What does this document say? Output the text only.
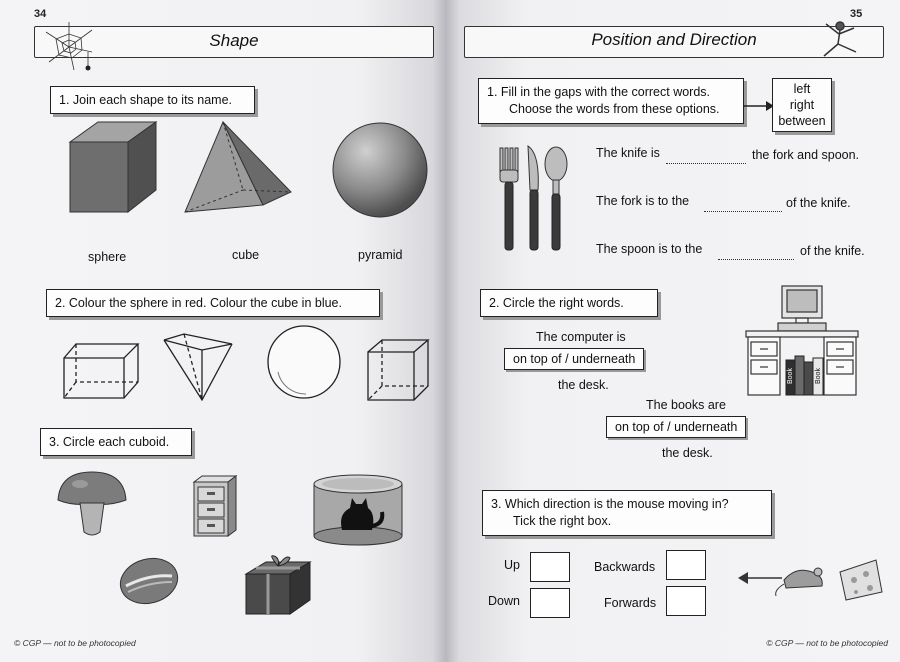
34
Shape
1. Join each shape to its name.
sphere	cube	pyramid
2. Colour the sphere in red. Colour the cube in blue.
3. Circle each cuboid.
© CGP — not to be photocopied
35
Position and Direction
1. Fill in the gaps with the correct words.
Choose the words from these options.
left
right
between
The knife is	the fork and spoon.
The fork is to the	of the knife.
The spoon is to the	of the knife.
2. Circle the right words.
The computer is
on top of / underneath
the desk.
The books are
on top of / underneath
the desk.
Book	Book
3. Which direction is the mouse moving in?
Tick the right box.
Up
Down
Backwards
Forwards
© CGP — not to be photocopied
